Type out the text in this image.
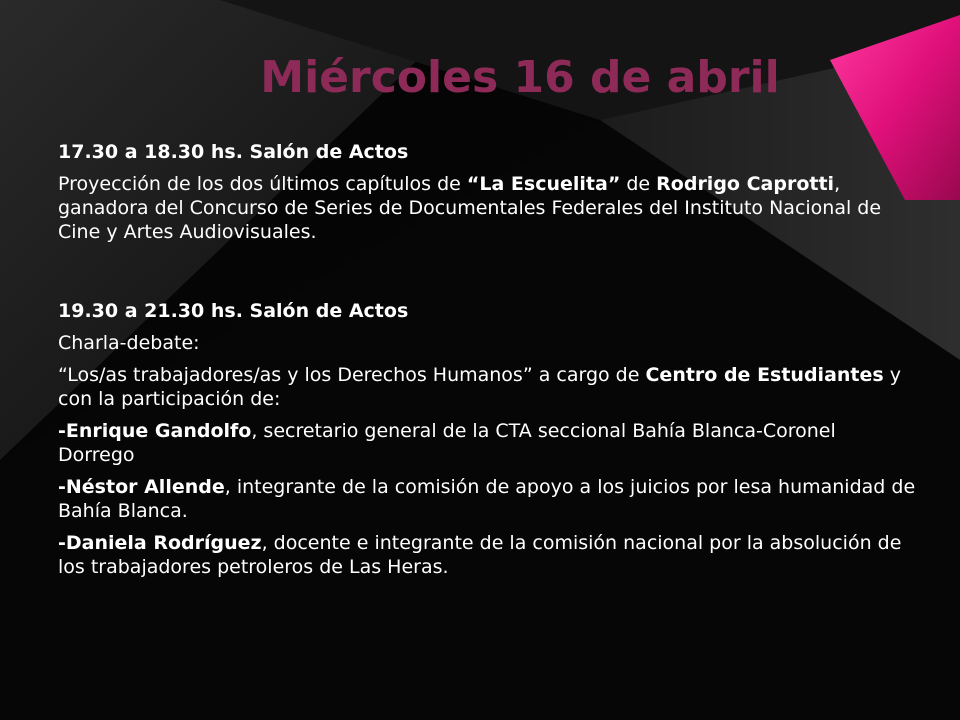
Miércoles 16 de abril

17.30 a 18.30 hs. Salón de Actos

Proyección de los dos últimos capítulos de “La Escuelita” de Rodrigo Caprotti, ganadora del Concurso de Series de Documentales Federales del Instituto Nacional de Cine y Artes Audiovisuales.

19.30 a 21.30 hs. Salón de Actos

Charla-debate:

“Los/as trabajadores/as y los Derechos Humanos” a cargo de Centro de Estudiantes y con la participación de:

-Enrique Gandolfo, secretario general de la CTA seccional Bahía Blanca-Coronel Dorrego

-Néstor Allende, integrante de la comisión de apoyo a los juicios por lesa humanidad de Bahía Blanca.

-Daniela Rodríguez, docente e integrante de la comisión nacional por la absolución de los trabajadores petroleros de Las Heras.
